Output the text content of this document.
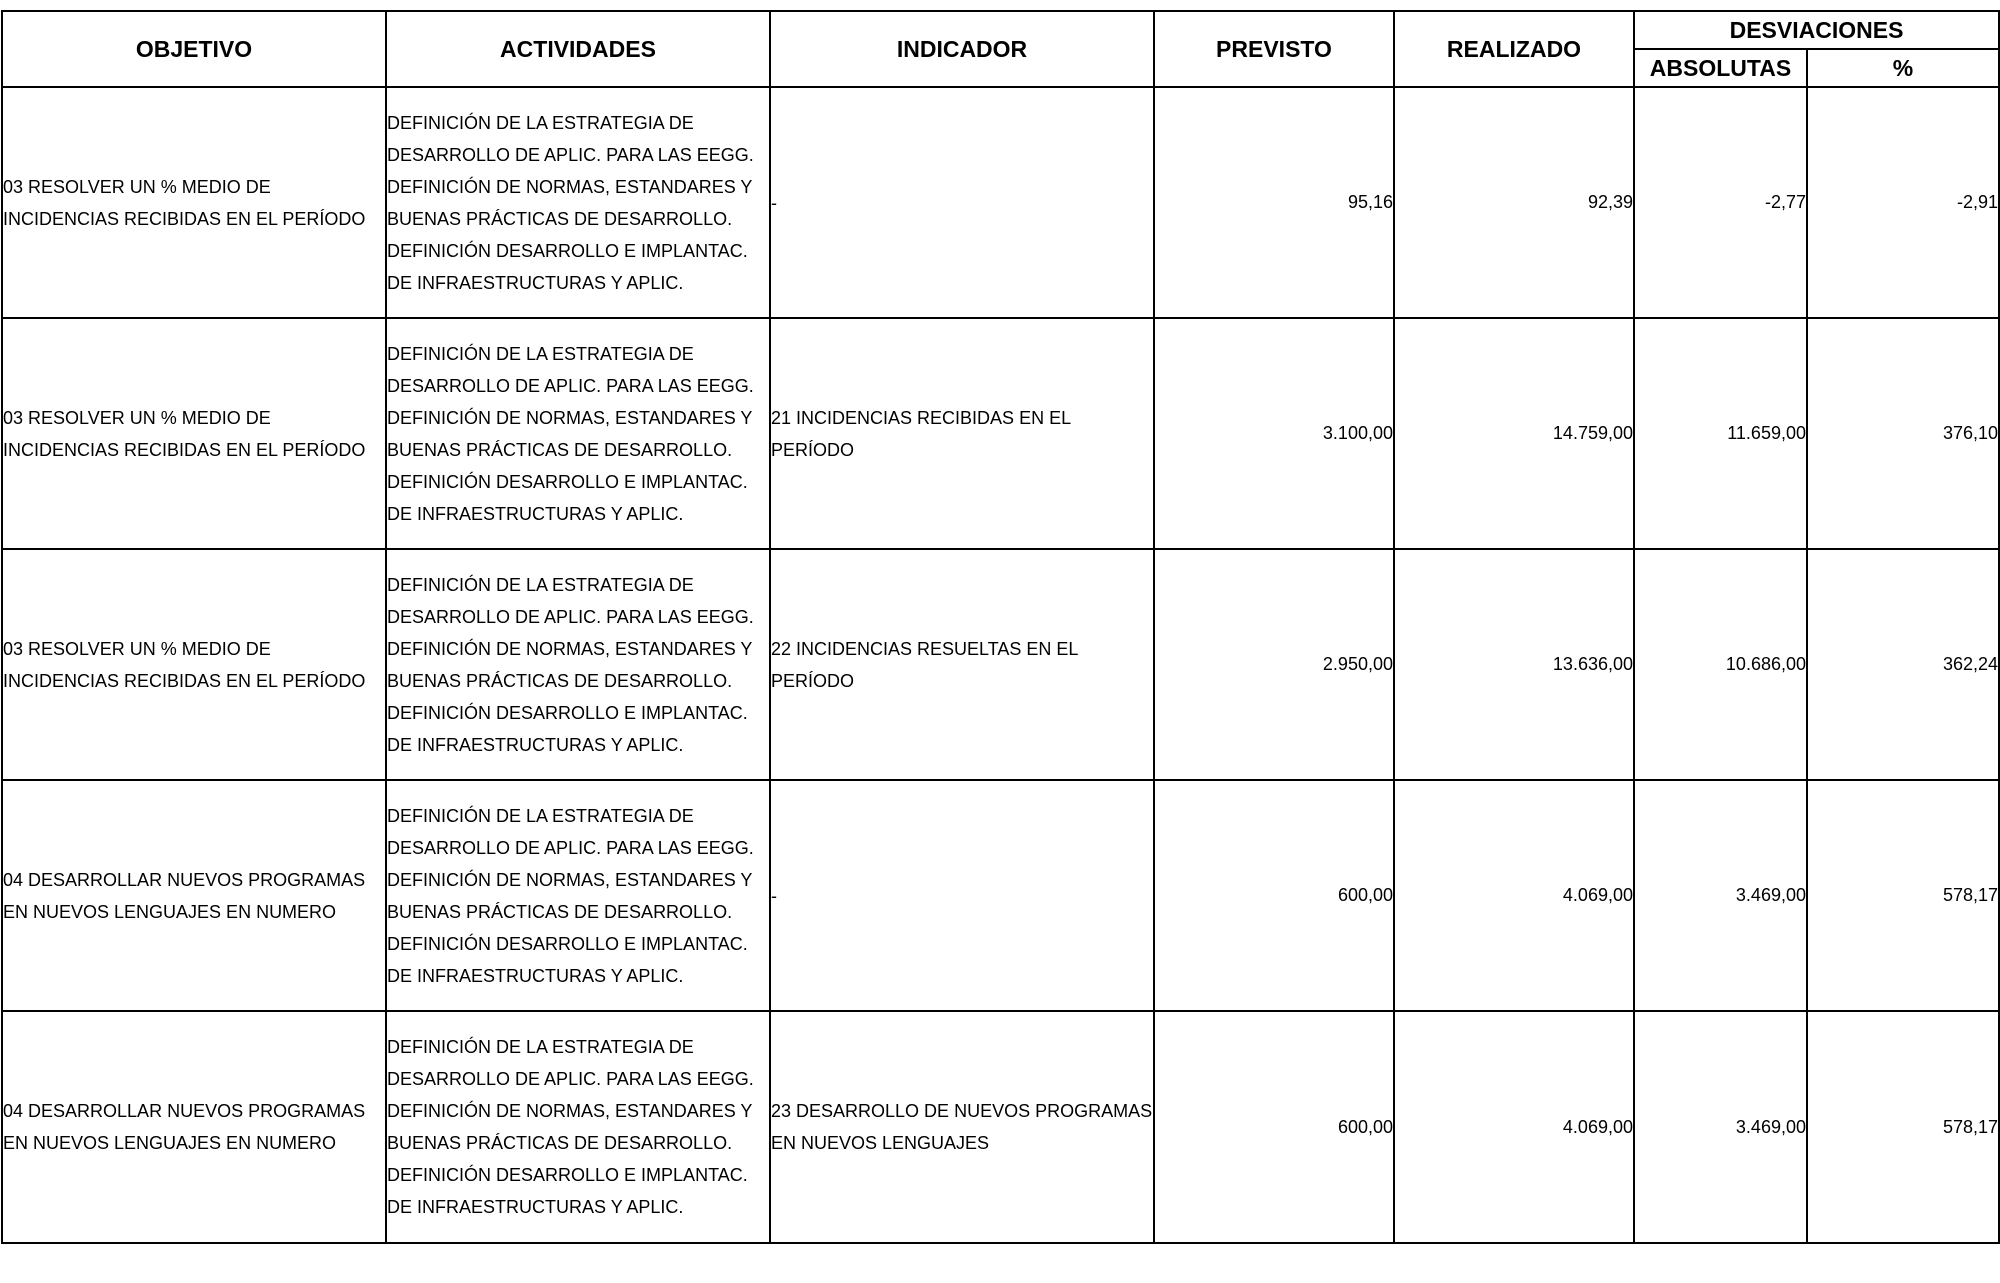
OBJETIVO	ACTIVIDADES	INDICADOR	PREVISTO	REALIZADO	DESVIACIONES	
					ABSOLUTAS	%
03 RESOLVER UN % MEDIO DE INCIDENCIAS RECIBIDAS EN EL PERÍODO	DEFINICIÓN DE LA ESTRATEGIA DE DESARROLLO DE APLIC. PARA LAS EEGG. DEFINICIÓN DE NORMAS, ESTANDARES Y BUENAS PRÁCTICAS DE DESARROLLO. DEFINICIÓN DESARROLLO E IMPLANTAC. DE INFRAESTRUCTURAS Y APLIC.	-	95,16	92,39	-2,77	-2,91
03 RESOLVER UN % MEDIO DE INCIDENCIAS RECIBIDAS EN EL PERÍODO	DEFINICIÓN DE LA ESTRATEGIA DE DESARROLLO DE APLIC. PARA LAS EEGG. DEFINICIÓN DE NORMAS, ESTANDARES Y BUENAS PRÁCTICAS DE DESARROLLO. DEFINICIÓN DESARROLLO E IMPLANTAC. DE INFRAESTRUCTURAS Y APLIC.	21 INCIDENCIAS RECIBIDAS EN EL PERÍODO	3.100,00	14.759,00	11.659,00	376,10
03 RESOLVER UN % MEDIO DE INCIDENCIAS RECIBIDAS EN EL PERÍODO	DEFINICIÓN DE LA ESTRATEGIA DE DESARROLLO DE APLIC. PARA LAS EEGG. DEFINICIÓN DE NORMAS, ESTANDARES Y BUENAS PRÁCTICAS DE DESARROLLO. DEFINICIÓN DESARROLLO E IMPLANTAC. DE INFRAESTRUCTURAS Y APLIC.	22 INCIDENCIAS RESUELTAS EN EL PERÍODO	2.950,00	13.636,00	10.686,00	362,24
04 DESARROLLAR NUEVOS PROGRAMAS EN NUEVOS LENGUAJES EN NUMERO	DEFINICIÓN DE LA ESTRATEGIA DE DESARROLLO DE APLIC. PARA LAS EEGG. DEFINICIÓN DE NORMAS, ESTANDARES Y BUENAS PRÁCTICAS DE DESARROLLO. DEFINICIÓN DESARROLLO E IMPLANTAC. DE INFRAESTRUCTURAS Y APLIC.	-	600,00	4.069,00	3.469,00	578,17
04 DESARROLLAR NUEVOS PROGRAMAS EN NUEVOS LENGUAJES EN NUMERO	DEFINICIÓN DE LA ESTRATEGIA DE DESARROLLO DE APLIC. PARA LAS EEGG. DEFINICIÓN DE NORMAS, ESTANDARES Y BUENAS PRÁCTICAS DE DESARROLLO. DEFINICIÓN DESARROLLO E IMPLANTAC. DE INFRAESTRUCTURAS Y APLIC.	23 DESARROLLO DE NUEVOS PROGRAMAS EN NUEVOS LENGUAJES	600,00	4.069,00	3.469,00	578,17
